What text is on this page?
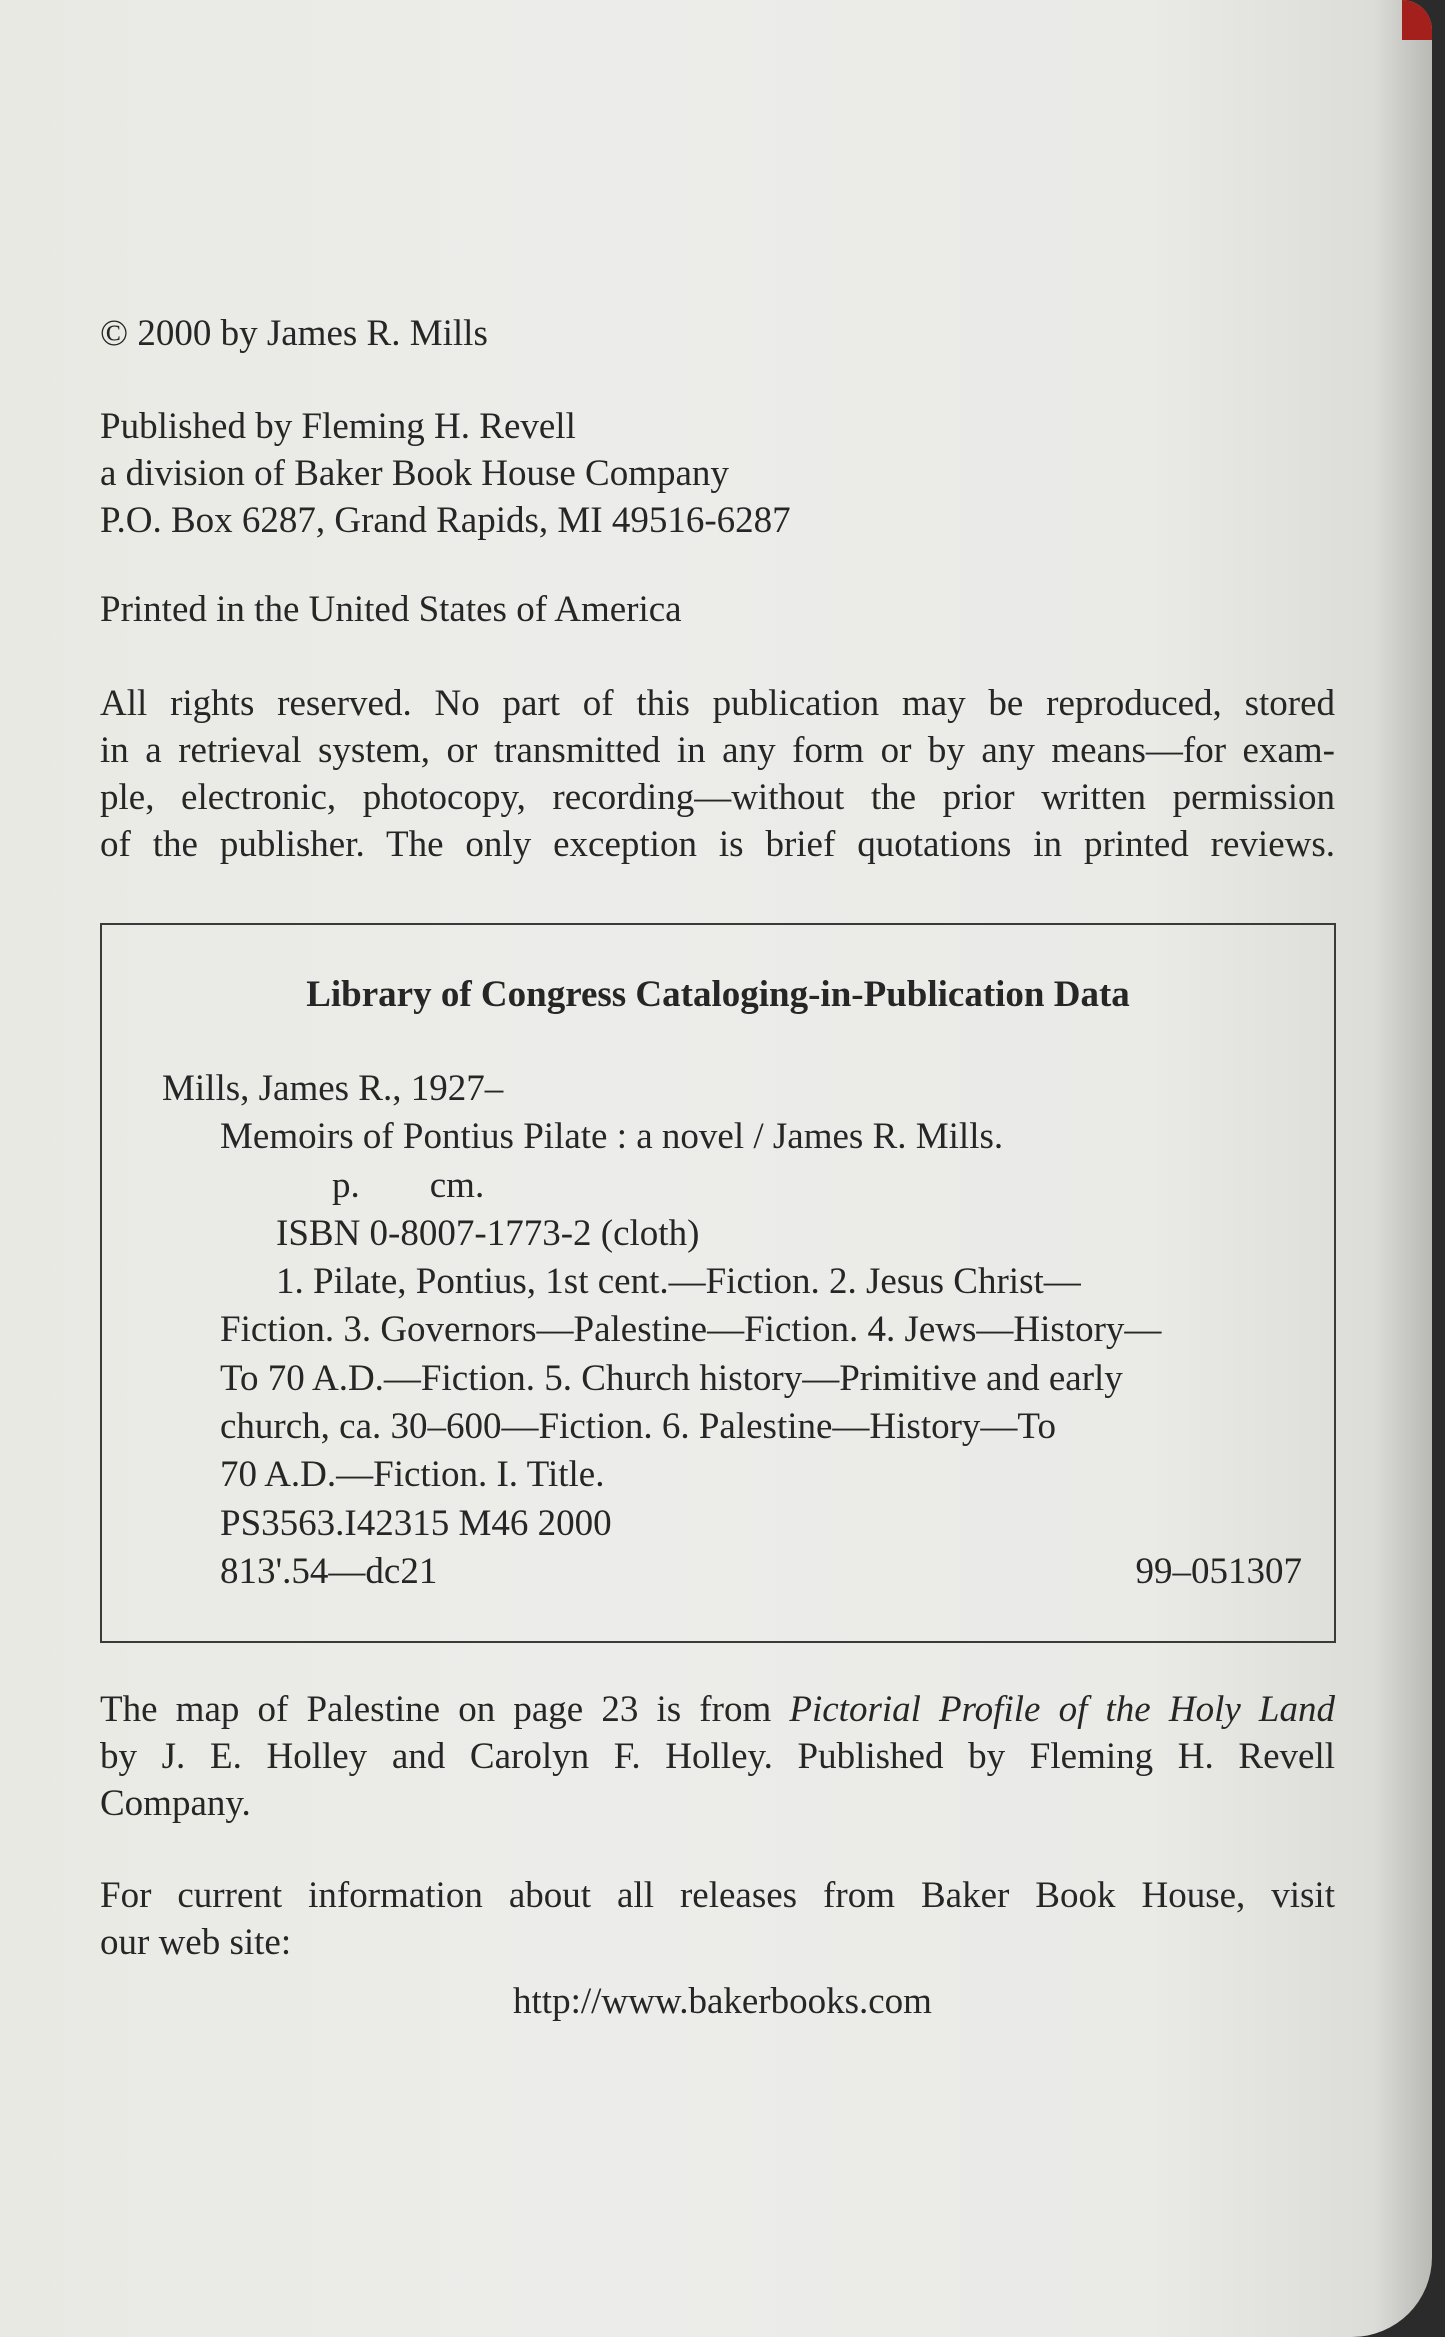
© 2000 by James R. Mills
Published by Fleming H. Revell
a division of Baker Book House Company
P.O. Box 6287, Grand Rapids, MI 49516-6287
Printed in the United States of America
All rights reserved. No part of this publication may be reproduced, stored
in a retrieval system, or transmitted in any form or by any means—for exam-
ple, electronic, photocopy, recording—without the prior written permission
of the publisher. The only exception is brief quotations in printed reviews.
Library of Congress Cataloging-in-Publication Data
Mills, James R., 1927–
Memoirs of Pontius Pilate : a novel / James R. Mills.
p. cm.
ISBN 0-8007-1773-2 (cloth)
1. Pilate, Pontius, 1st cent.—Fiction. 2. Jesus Christ—
Fiction. 3. Governors—Palestine—Fiction. 4. Jews—History—
To 70 A.D.—Fiction. 5. Church history—Primitive and early
church, ca. 30–600—Fiction. 6. Palestine—History—To
70 A.D.—Fiction. I. Title.
PS3563.I42315 M46 2000
813'.54—dc21	99–051307
The map of Palestine on page 23 is from Pictorial Profile of the Holy Land
by J. E. Holley and Carolyn F. Holley. Published by Fleming H. Revell
Company.
For current information about all releases from Baker Book House, visit
our web site:
http://www.bakerbooks.com
